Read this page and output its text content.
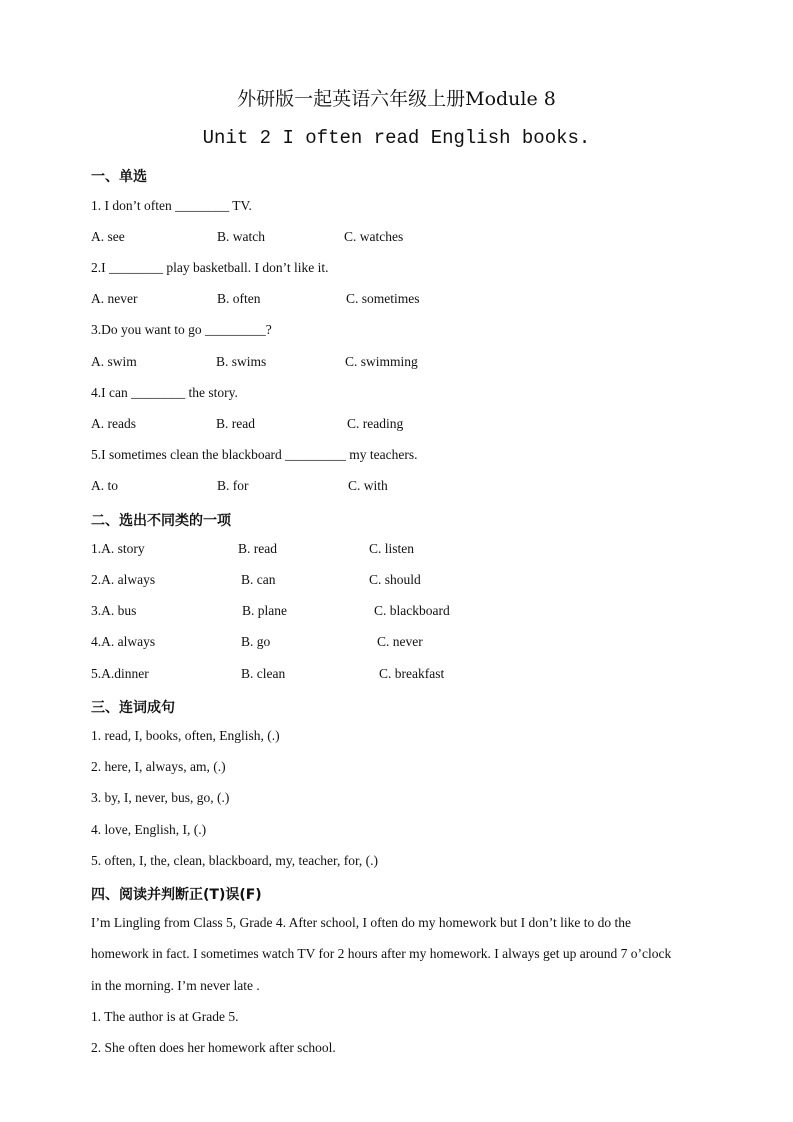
外研版一起英语六年级上册Module 8
Unit 2 I often read English books.
一、单选
1. I don’t often ________ TV.
A. see	B. watch	C. watches
2.I ________ play basketball. I don’t like it.
A. never	B. often	C. sometimes
3.Do you want to go _________?
A. swim	B. swims	C. swimming
4.I can ________ the story.
A. reads	B. read	C. reading
5.I sometimes clean the blackboard _________ my teachers.
A. to	B. for	C. with
二、选出不同类的一项
1.A. story	B. read	C. listen
2.A. always	B. can	C. should
3.A. bus	B. plane	C. blackboard
4.A. always	B. go	C. never
5.A.dinner	B. clean	C. breakfast
三、连词成句
1. read, I, books, often, English, (.)
2. here, I, always, am, (.)
3. by, I, never, bus, go, (.)
4. love, English, I, (.)
5. often, I, the, clean, blackboard, my, teacher, for, (.)
四、阅读并判断正(T)误(F)
I’m Lingling from Class 5, Grade 4. After school, I often do my homework but I don’t like to do the
homework in fact. I sometimes watch TV for 2 hours after my homework. I always get up around 7 o’clock
in the morning. I’m never late .
1. The author is at Grade 5.
2. She often does her homework after school.
